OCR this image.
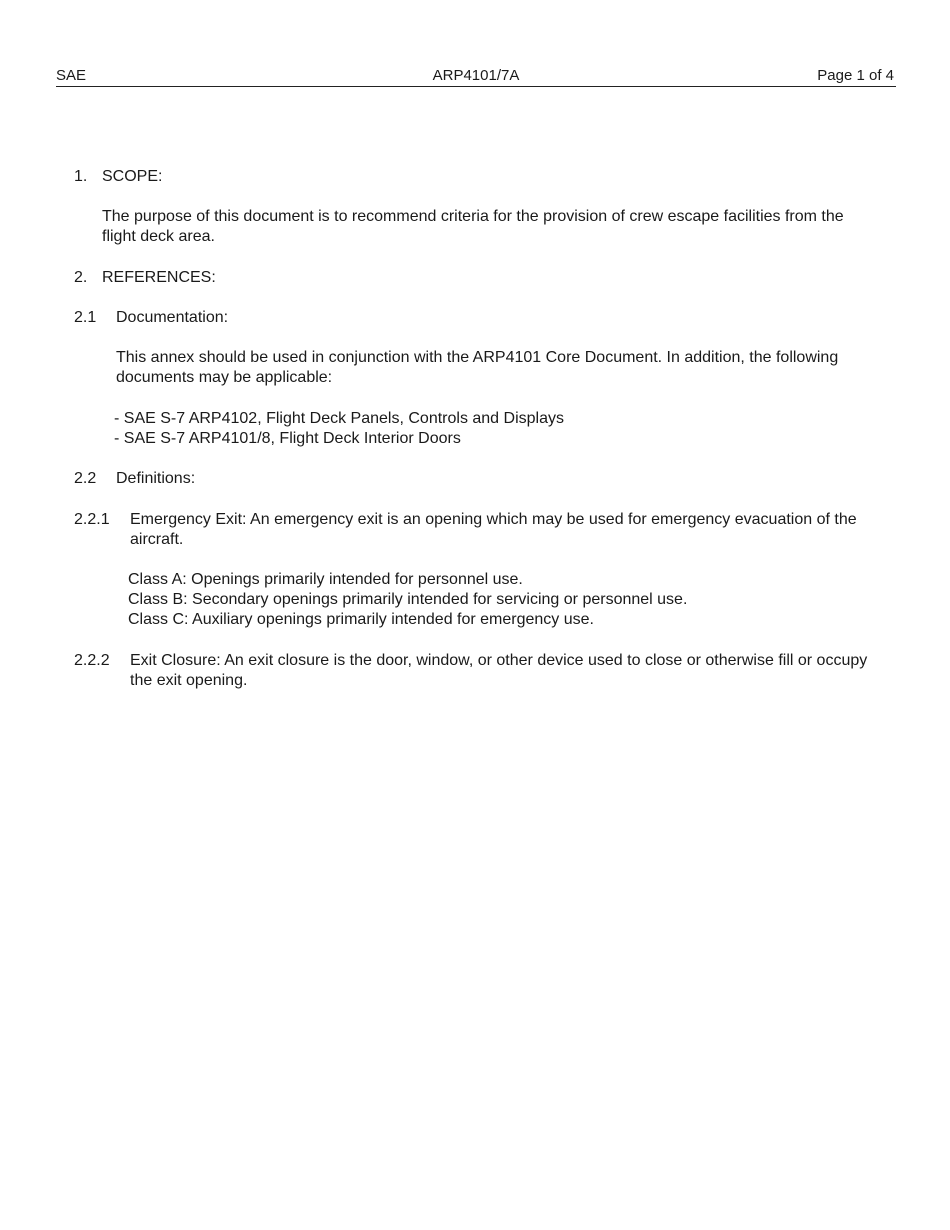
SAE	ARP4101/7A	Page 1 of 4
1. SCOPE:
The purpose of this document is to recommend criteria for the provision of crew escape facilities from the flight deck area.
2. REFERENCES:
2.1 Documentation:
This annex should be used in conjunction with the ARP4101 Core Document. In addition, the following documents may be applicable:
- SAE S-7 ARP4102, Flight Deck Panels, Controls and Displays
- SAE S-7 ARP4101/8, Flight Deck Interior Doors
2.2 Definitions:
2.2.1 Emergency Exit: An emergency exit is an opening which may be used for emergency evacuation of the aircraft.
Class A: Openings primarily intended for personnel use.
Class B: Secondary openings primarily intended for servicing or personnel use.
Class C: Auxiliary openings primarily intended for emergency use.
2.2.2 Exit Closure: An exit closure is the door, window, or other device used to close or otherwise fill or occupy the exit opening.
